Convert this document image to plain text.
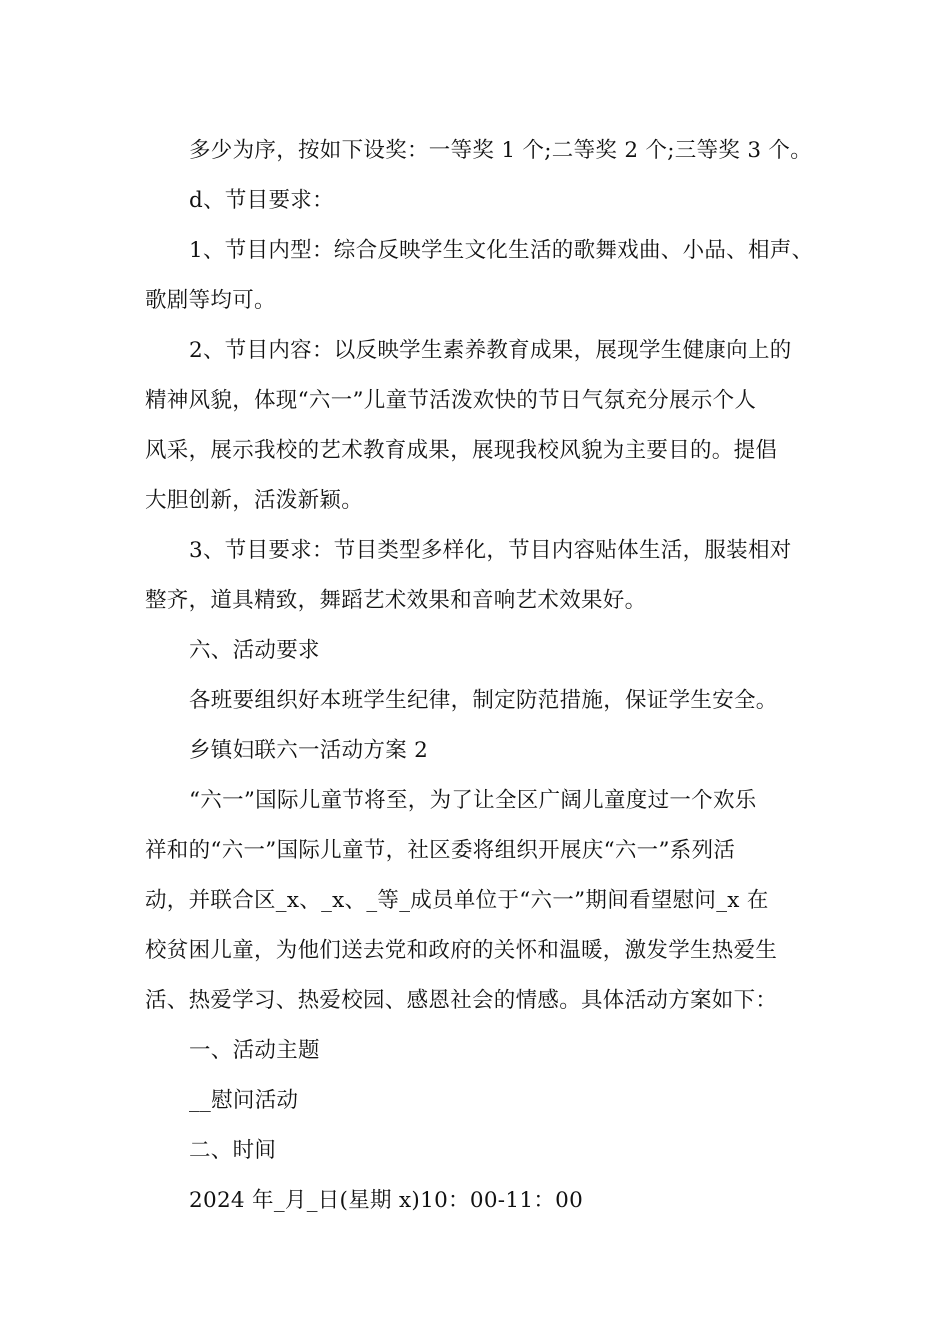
多少为序，按如下设奖：一等奖 1 个;二等奖 2 个;三等奖 3 个。
d、节目要求：
1、节目内型：综合反映学生文化生活的歌舞戏曲、小品、相声、
歌剧等均可。
2、节目内容：以反映学生素养教育成果，展现学生健康向上的
精神风貌，体现“六一”儿童节活泼欢快的节日气氛充分展示个人
风采，展示我校的艺术教育成果，展现我校风貌为主要目的。提倡
大胆创新，活泼新颖。
3、节目要求：节目类型多样化，节目内容贴体生活，服装相对
整齐，道具精致，舞蹈艺术效果和音响艺术效果好。
六、活动要求
各班要组织好本班学生纪律，制定防范措施，保证学生安全。
乡镇妇联六一活动方案 2
“六一”国际儿童节将至，为了让全区广阔儿童度过一个欢乐
祥和的“六一”国际儿童节，社区委将组织开展庆“六一”系列活
动，并联合区_x、_x、_等_成员单位于“六一”期间看望慰问_x 在
校贫困儿童，为他们送去党和政府的关怀和温暖，激发学生热爱生
活、热爱学习、热爱校园、感恩社会的情感。具体活动方案如下：
一、活动主题
__慰问活动
二、时间
2024 年_月_日(星期 x)10：00-11：00
